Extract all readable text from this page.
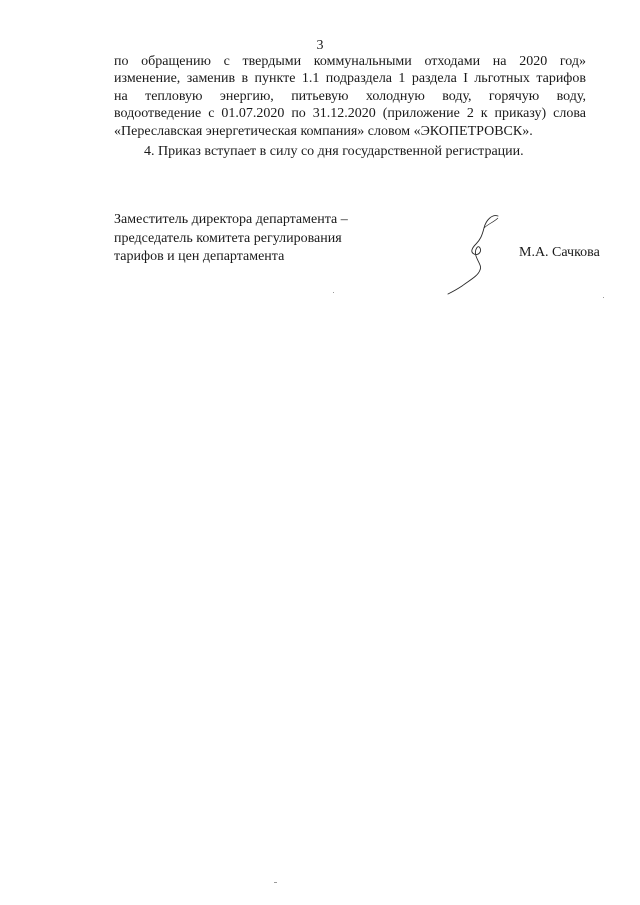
3
по обращению с твердыми коммунальными отходами на 2020 год»
изменение, заменив в пункте 1.1 подраздела 1 раздела I льготных тарифов
на тепловую энергию, питьевую холодную воду, горячую воду,
водоотведение с 01.07.2020 по 31.12.2020 (приложение 2 к приказу) слова
«Переславская энергетическая компания» словом «ЭКОПЕТРОВСК».
4. Приказ вступает в силу со дня государственной регистрации.
Заместитель директора департамента –
председатель комитета регулирования
тарифов и цен департамента	М.А. Сачкова
